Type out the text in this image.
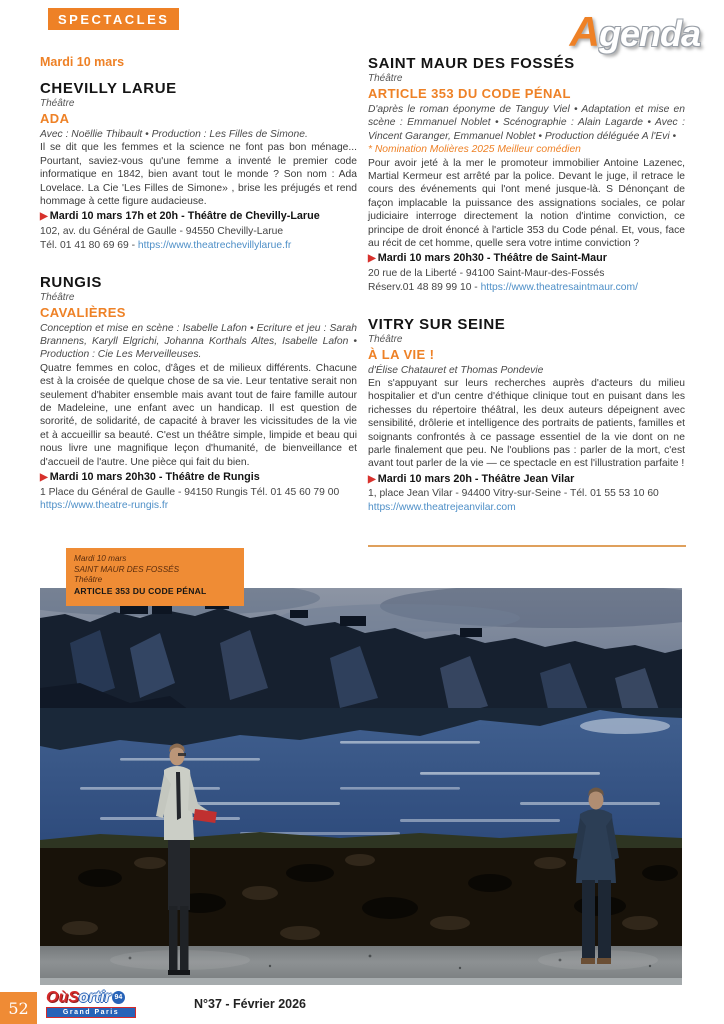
SPECTACLES	Agenda

Mardi 10 mars

CHEVILLY LARUE
Théâtre
ADA

Avec : Noëllie Thibault • Production : Les Filles de Simone.

Il se dit que les femmes et la science ne font pas bon ménage... Pourtant, saviez-vous qu'une femme a inventé le premier code informatique en 1842, bien avant tout le monde ? Son nom : Ada Lovelace. La Cie 'Les Filles de Simone» , brise les préjugés et rend hommage à cette figure audacieuse.

▶ Mardi 10 mars 17h et 20h - Théâtre de Chevilly-Larue

102, av. du Général de Gaulle - 94550 Chevilly-Larue

Tél. 01 41 80 69 69 - https://www.theatrechevillylarue.fr

RUNGIS
Théâtre
CAVALIÈRES

Conception et mise en scène : Isabelle Lafon • Ecriture et jeu : Sarah Brannens, Karyll Elgrichi, Johanna Korthals Altes, Isabelle Lafon • Production : Cie Les Merveilleuses.

Quatre femmes en coloc, d'âges et de milieux différents. Chacune est à la croisée de quelque chose de sa vie. Leur tentative serait non seulement d'habiter ensemble mais avant tout de faire famille autour de Madeleine, une enfant avec un handicap. Il est question de sororité, de solidarité, de capacité à braver les vicissitudes de la vie et à accueillir sa beauté. C'est un théâtre simple, limpide et beau qui nous livre une magnifique leçon d'humanité, de bienveillance et d'accueil de l'autre. Une pièce qui fait du bien.

▶ Mardi 10 mars 20h30 - Théâtre de Rungis

1 Place du Général de Gaulle - 94150 Rungis Tél. 01 45 60 79 00

https://www.theatre-rungis.fr

SAINT MAUR DES FOSSÉS
Théâtre
ARTICLE 353 DU CODE PÉNAL

D'après le roman éponyme de Tanguy Viel • Adaptation et mise en scène : Emmanuel Noblet • Scénographie : Alain Lagarde • Avec : Vincent Garanger, Emmanuel Noblet • Production déléguée A l'Evi •

* Nomination Molières 2025 Meilleur comédien

Pour avoir jeté à la mer le promoteur immobilier Antoine Lazenec, Martial Kermeur est arrêté par la police. Devant le juge, il retrace le cours des événements qui l'ont mené jusque-là. S Dénonçant de façon implacable la puissance des assignations sociales, ce polar judiciaire interroge directement la notion d'intime conviction, ce principe de droit énoncé à l'article 353 du Code pénal. Et, vous, face au récit de cet homme, quelle sera votre intime conviction ?

▶ Mardi 10 mars 20h30 - Théâtre de Saint-Maur

20 rue de la Liberté - 94100 Saint-Maur-des-Fossés

Réserv.01 48 89 99 10 - https://www.theatresaintmaur.com/

VITRY SUR SEINE
Théâtre
À LA VIE !

d'Élise Chatauret et Thomas Pondevie

En s'appuyant sur leurs recherches auprès d'acteurs du milieu hospitalier et d'un centre d'éthique clinique tout en puisant dans les richesses du répertoire théâtral, les deux auteurs dépeignent avec sensibilité, drôlerie et intelligence des portraits de patients, familles et soignants confrontés à ce passage essentiel de la vie dont on ne parle finalement que peu. Ne l'oublions pas : parler de la mort, c'est avant tout parler de la vie — ce spectacle en est l'illustration parfaite !

▶ Mardi 10 mars 20h - Théâtre Jean Vilar

1, place Jean Vilar - 94400 Vitry-sur-Seine - Tél. 01 55 53 10 60

https://www.theatrejeanvilar.com

Mardi 10 mars
SAINT MAUR DES FOSSÉS
Théâtre
ARTICLE 353 DU CODE PÉNAL
52
OùSortir 94
Grand Paris
N°37 - Février 2026
